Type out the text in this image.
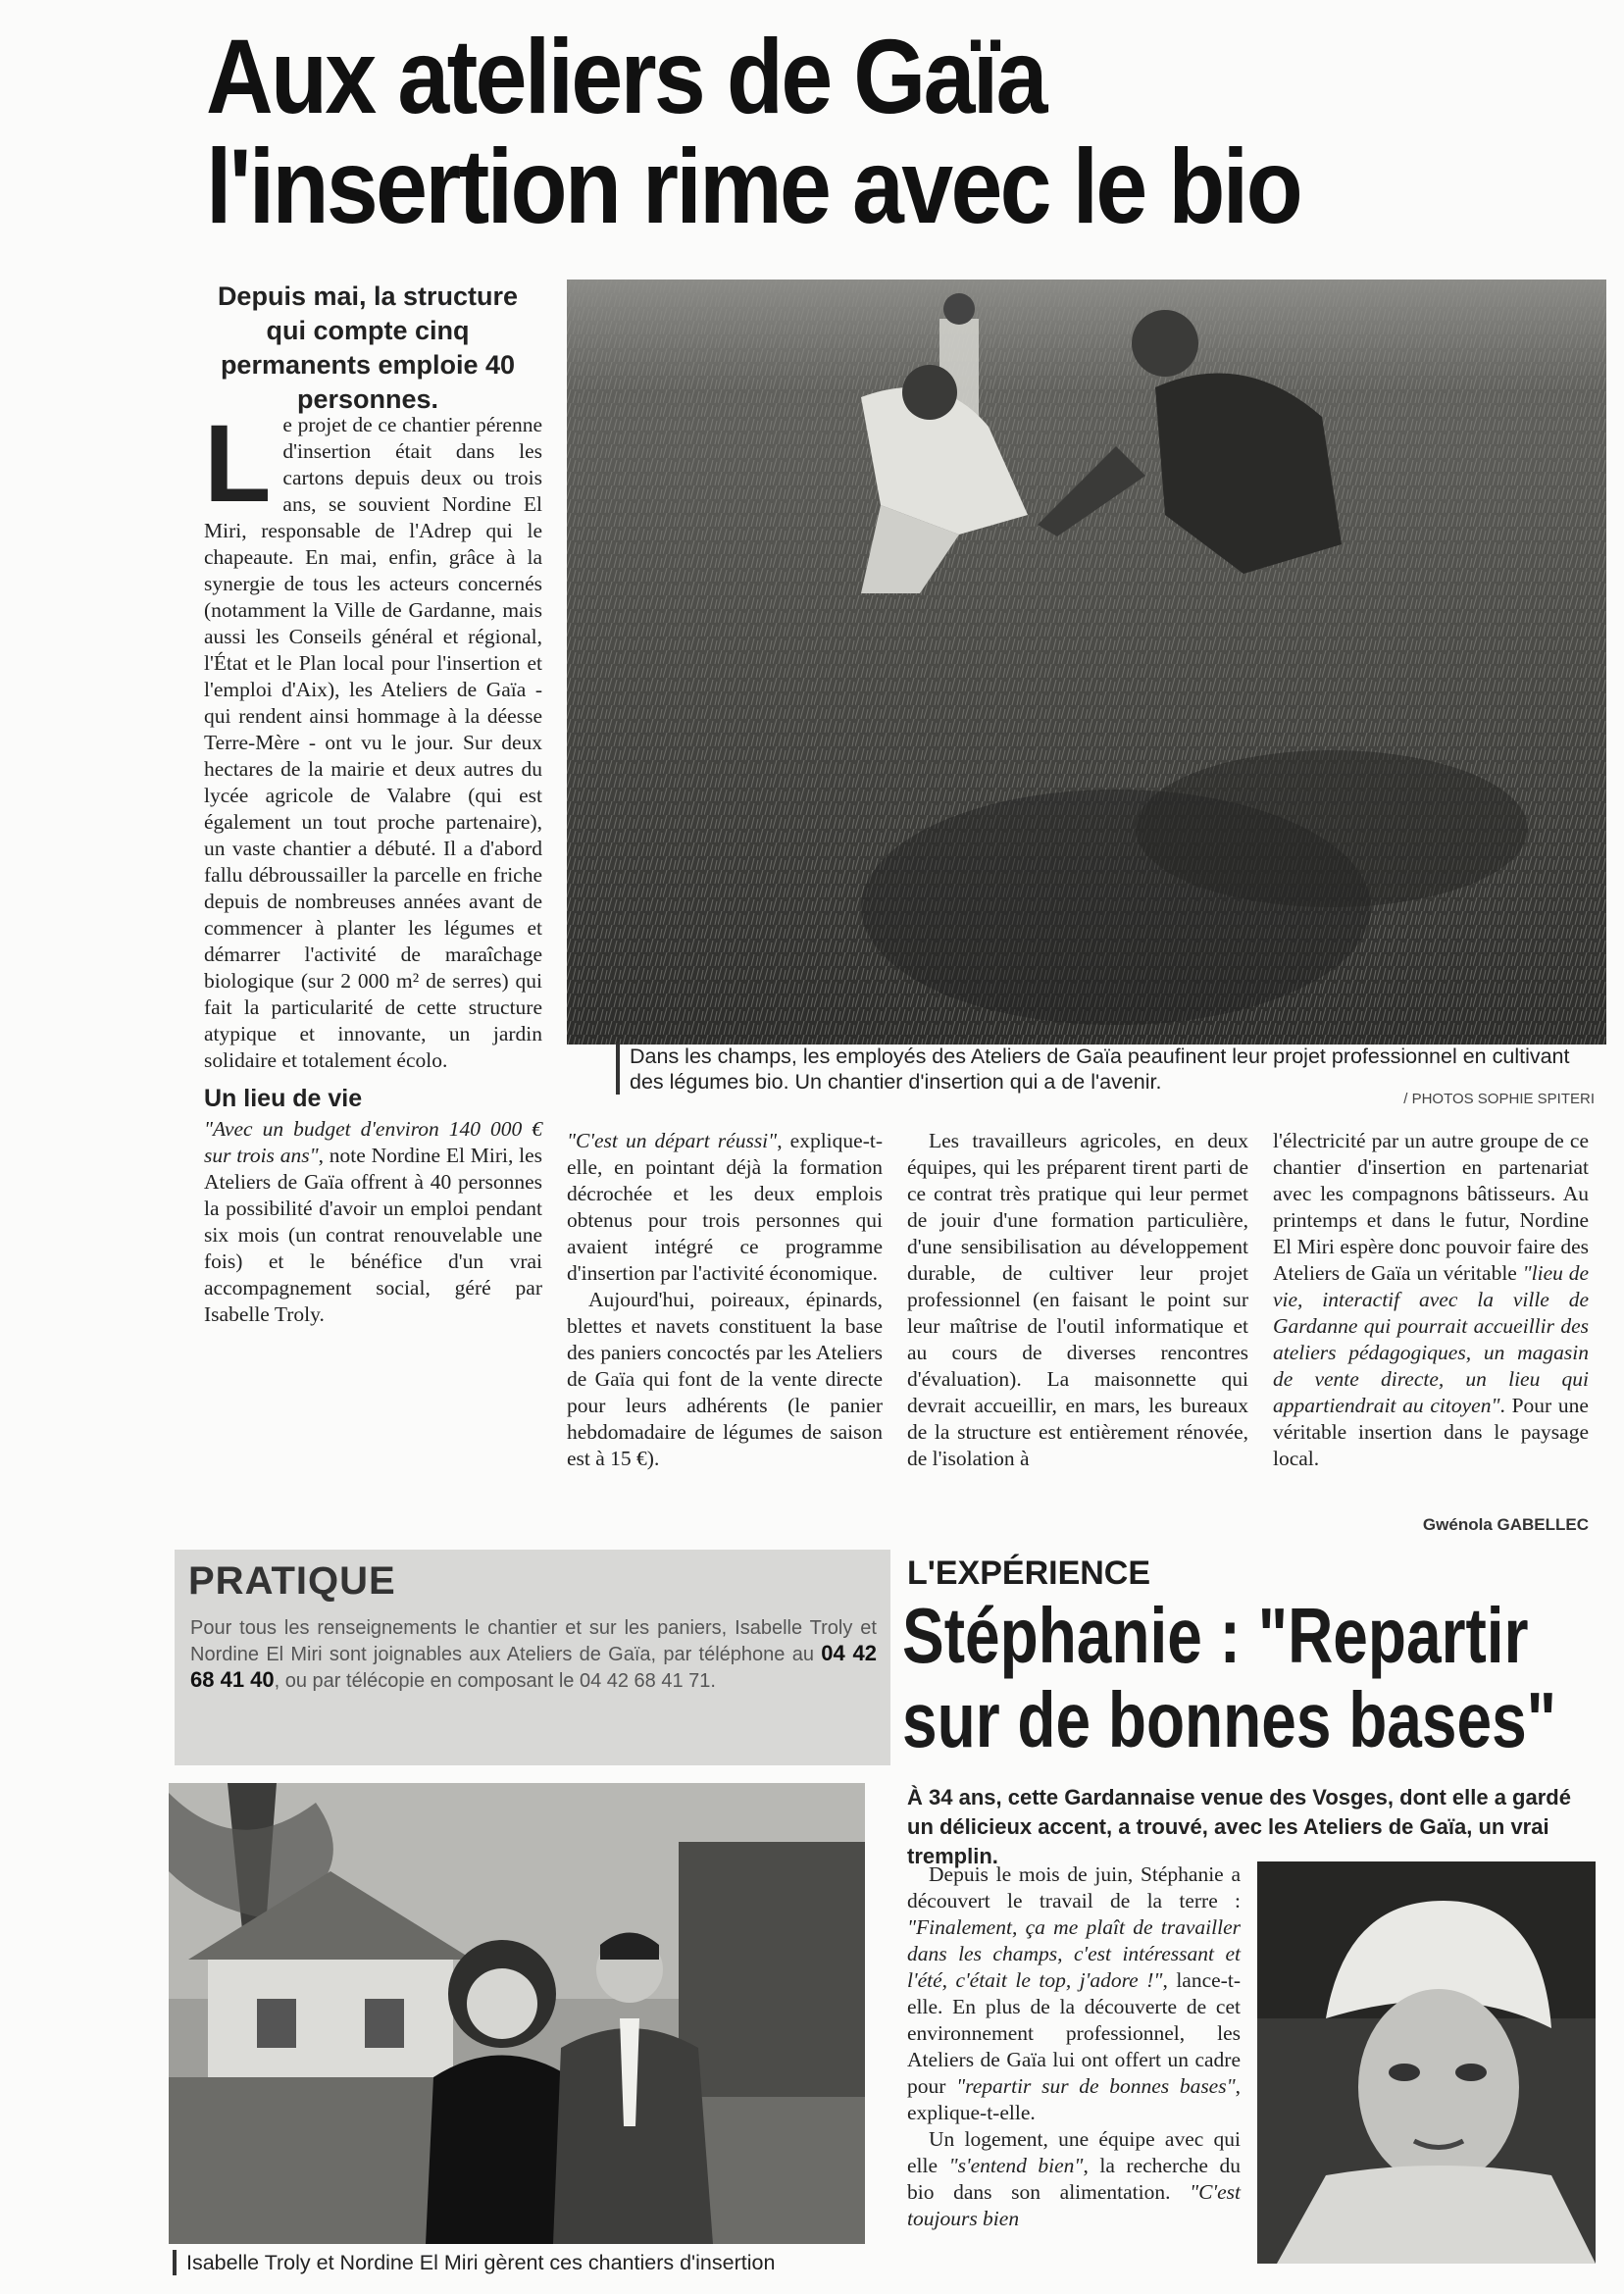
Aux ateliers de Gaïa
l'insertion rime avec le bio

Depuis mai, la structure qui compte cinq permanents emploie 40 personnes.

Dans les champs, les employés des Ateliers de Gaïa peaufinent leur projet professionnel en cultivant des légumes bio. Un chantier d'insertion qui a de l'avenir.
/ PHOTOS SOPHIE SPITERI

Le projet de ce chantier pérenne d'insertion était dans les cartons depuis deux ou trois ans, se souvient Nordine El Miri, responsable de l'Adrep qui le chapeaute. En mai, enfin, grâce à la synergie de tous les acteurs concernés (notamment la Ville de Gardanne, mais aussi les Conseils général et régional, l'État et le Plan local pour l'insertion et l'emploi d'Aix), les Ateliers de Gaïa - qui rendent ainsi hommage à la déesse Terre-Mère - ont vu le jour. Sur deux hectares de la mairie et deux autres du lycée agricole de Valabre (qui est également un tout proche partenaire), un vaste chantier a débuté. Il a d'abord fallu débroussailler la parcelle en friche depuis de nombreuses années avant de commencer à planter les légumes et démarrer l'activité de maraîchage biologique (sur 2 000 m² de serres) qui fait la particularité de cette structure atypique et innovante, un jardin solidaire et totalement écolo.

Un lieu de vie

"Avec un budget d'environ 140 000 € sur trois ans", note Nordine El Miri, les Ateliers de Gaïa offrent à 40 personnes la possibilité d'avoir un emploi pendant six mois (un contrat renouvelable une fois) et le bénéfice d'un vrai accompagnement social, géré par Isabelle Troly.

"C'est un départ réussi", explique-t-elle, en pointant déjà la formation décrochée et les deux emplois obtenus pour trois personnes qui avaient intégré ce programme d'insertion par l'activité économique.

Aujourd'hui, poireaux, épinards, blettes et navets constituent la base des paniers concoctés par les Ateliers de Gaïa qui font de la vente directe pour leurs adhérents (le panier hebdomadaire de légumes de saison est à 15 €).

Les travailleurs agricoles, en deux équipes, qui les préparent tirent parti de ce contrat très pratique qui leur permet de jouir d'une formation particulière, d'une sensibilisation au développement durable, de cultiver leur projet professionnel (en faisant le point sur leur maîtrise de l'outil informatique et au cours de diverses rencontres d'évaluation). La maisonnette qui devrait accueillir, en mars, les bureaux de la structure est entièrement rénovée, de l'isolation à

l'électricité par un autre groupe de ce chantier d'insertion en partenariat avec les compagnons bâtisseurs. Au printemps et dans le futur, Nordine El Miri espère donc pouvoir faire des Ateliers de Gaïa un véritable "lieu de vie, interactif avec la ville de Gardanne qui pourrait accueillir des ateliers pédagogiques, un magasin de vente directe, un lieu qui appartiendrait au citoyen". Pour une véritable insertion dans le paysage local.

Gwénola GABELLEC
PRATIQUE
Pour tous les renseignements le chantier et sur les paniers, Isabelle Troly et Nordine El Miri sont joignables aux Ateliers de Gaïa, par téléphone au 04 42 68 41 40, ou par télécopie en composant le 04 42 68 41 71.
Isabelle Troly et Nordine El Miri gèrent ces chantiers d'insertion
L'EXPÉRIENCE
Stéphanie : "Repartir
sur de bonnes bases"
À 34 ans, cette Gardannaise venue des Vosges, dont elle a gardé un délicieux accent, a trouvé, avec les Ateliers de Gaïa, un vrai tremplin.

Depuis le mois de juin, Stéphanie a découvert le travail de la terre : "Finalement, ça me plaît de travailler dans les champs, c'est intéressant et l'été, c'était le top, j'adore !", lance-t-elle. En plus de la découverte de cet environnement professionnel, les Ateliers de Gaïa lui ont offert un cadre pour "repartir sur de bonnes bases", explique-t-elle.

Un logement, une équipe avec qui elle "s'entend bien", la recherche du bio dans son alimentation. "C'est toujours bien
